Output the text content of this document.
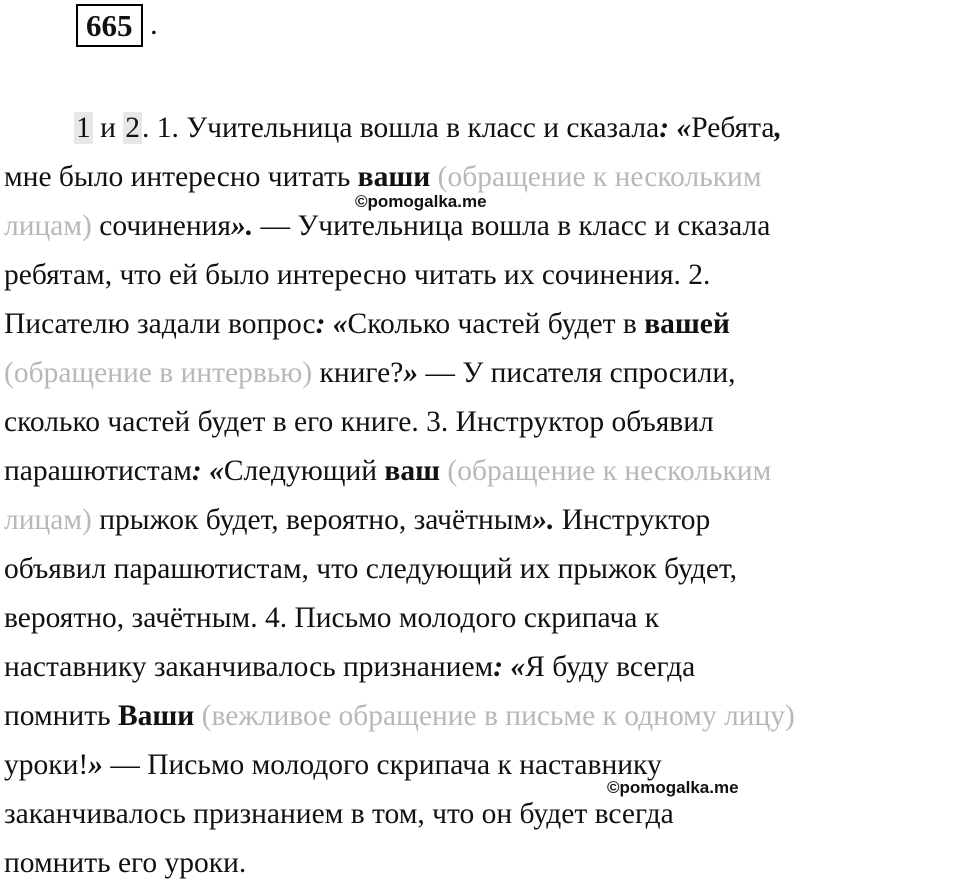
665 .
1 и 2. 1. Учительница вошла в класс и сказала: «Ребята,
мне было интересно читать ваши (обращение к нескольким
лицам) сочинения». — Учительница вошла в класс и сказала
ребятам, что ей было интересно читать их сочинения. 2.
Писателю задали вопрос: «Сколько частей будет в вашей
(обращение в интервью) книге?» — У писателя спросили,
сколько частей будет в его книге. 3. Инструктор объявил
парашютистам: «Следующий ваш (обращение к нескольким
лицам) прыжок будет, вероятно, зачётным». Инструктор
объявил парашютистам, что следующий их прыжок будет,
вероятно, зачётным. 4. Письмо молодого скрипача к
наставнику заканчивалось признанием: «Я буду всегда
помнить Ваши (вежливое обращение в письме к одному лицу)
уроки!» — Письмо молодого скрипача к наставнику
заканчивалось признанием в том, что он будет всегда
помнить его уроки.
©pomogalka.me
©pomogalka.me
